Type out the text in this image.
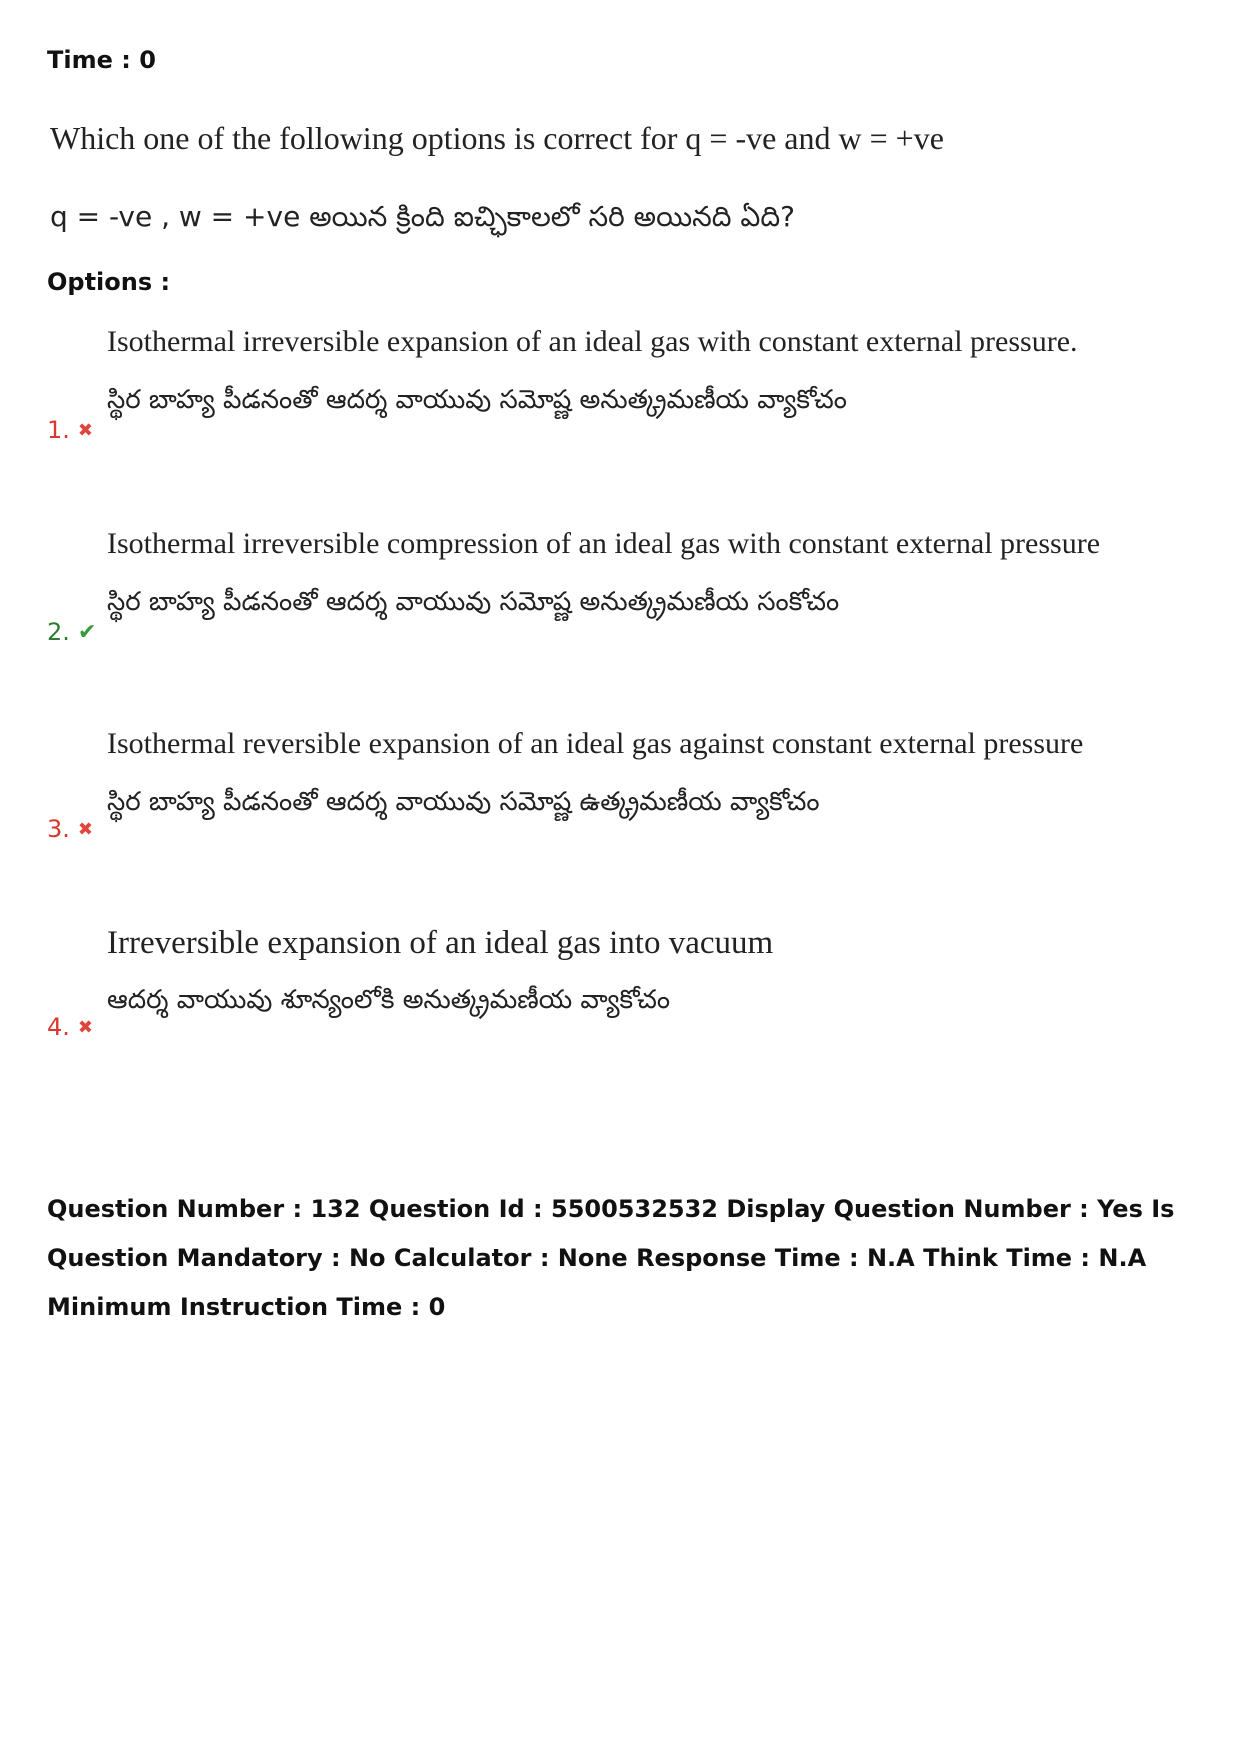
Time : 0
Which one of the following options is correct for q = -ve and w = +ve
q = -ve , w = +ve అయిన క్రింది ఐచ్ఛికాలలో సరి అయినది ఏది?
Options :
Isothermal irreversible expansion of an ideal gas with constant external pressure.
స్థిర బాహ్య పీడనంతో ఆదర్శ వాయువు సమోష్ణ అనుత్క్రమణీయ వ్యాకోచం
1. ✖
Isothermal irreversible compression of an ideal gas with constant external pressure
స్థిర బాహ్య పీడనంతో ఆదర్శ వాయువు సమోష్ణ అనుత్క్రమణీయ సంకోచం
2. ✔
Isothermal reversible expansion of an ideal gas against constant external pressure
స్థిర బాహ్య పీడనంతో ఆదర్శ వాయువు సమోష్ణ ఉత్క్రమణీయ వ్యాకోచం
3. ✖
Irreversible expansion of an ideal gas into vacuum
ఆదర్శ వాయువు శూన్యంలోకి అనుత్క్రమణీయ వ్యాకోచం
4. ✖
Question Number : 132 Question Id : 5500532532 Display Question Number : Yes Is Question Mandatory : No Calculator : None Response Time : N.A Think Time : N.A Minimum Instruction Time : 0
